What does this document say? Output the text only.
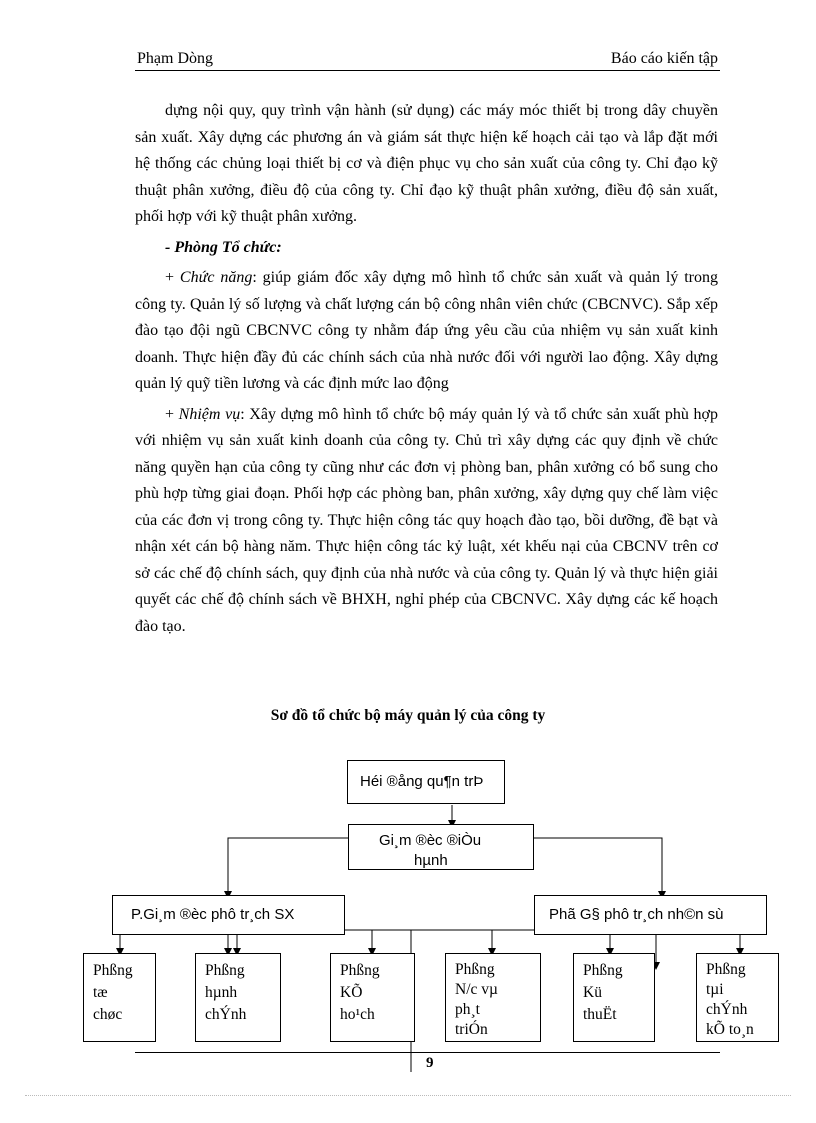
Phạm Dòng	Báo cáo kiến tập

dựng nội quy, quy trình vận hành (sử dụng) các máy móc thiết bị trong dây chuyền sản xuất. Xây dựng các phương án và giám sát thực hiện kế hoạch cải tạo và lắp đặt mới hệ thống các chủng loại thiết bị cơ và điện phục vụ cho sản xuất của công ty. Chỉ đạo kỹ thuật phân xưởng, điều độ của công ty. Chỉ đạo kỹ thuật phân xưởng, điều độ sản xuất, phối hợp với kỹ thuật phân xưởng.

- Phòng Tổ chức:

+ Chức năng: giúp giám đốc xây dựng mô hình tổ chức sản xuất và quản lý trong công ty. Quản lý số lượng và chất lượng cán bộ công nhân viên chức (CBCNVC). Sắp xếp đào tạo đội ngũ CBCNVC công ty nhằm đáp ứng yêu cầu của nhiệm vụ sản xuất kinh doanh. Thực hiện đầy đủ các chính sách của nhà nước đối với người lao động. Xây dựng quản lý quỹ tiền lương và các định mức lao động

+ Nhiệm vụ: Xây dựng mô hình tổ chức bộ máy quản lý và tổ chức sản xuất phù hợp với nhiệm vụ sản xuất kinh doanh của công ty. Chủ trì xây dựng các quy định về chức năng quyền hạn của công ty cũng như các đơn vị phòng ban, phân xưởng có bổ sung cho phù hợp từng giai đoạn. Phối hợp các phòng ban, phân xưởng, xây dựng quy chế làm việc của các đơn vị trong công ty. Thực hiện công tác quy hoạch đào tạo, bồi dưỡng, đề bạt và nhận xét cán bộ hàng năm. Thực hiện công tác kỷ luật, xét khếu nại của CBCNV trên cơ sở các chế độ chính sách, quy định của nhà nước và của công ty. Quản lý và thực hiện giải quyết các chế độ chính sách về BHXH, nghỉ phép của CBCNVC. Xây dựng các kế hoạch đào tạo.

Sơ đồ tổ chức bộ máy quản lý của công ty
Héi ®ång qu¶n trÞ
Gi¸m ®èc ®iÒu
hµnh
P.Gi¸m ®èc phô tr¸ch SX	Phã G§ phô tr¸ch nh©n sù
Phßng
tæ
chøc
Phßng
hµnh
chÝnh
Phßng
KÕ
ho¹ch
Phßng
N/c vµ
ph¸t
triÓn
Phßng
Kü
thuËt
Phßng
tµi
chÝnh
kÕ to¸n
9
